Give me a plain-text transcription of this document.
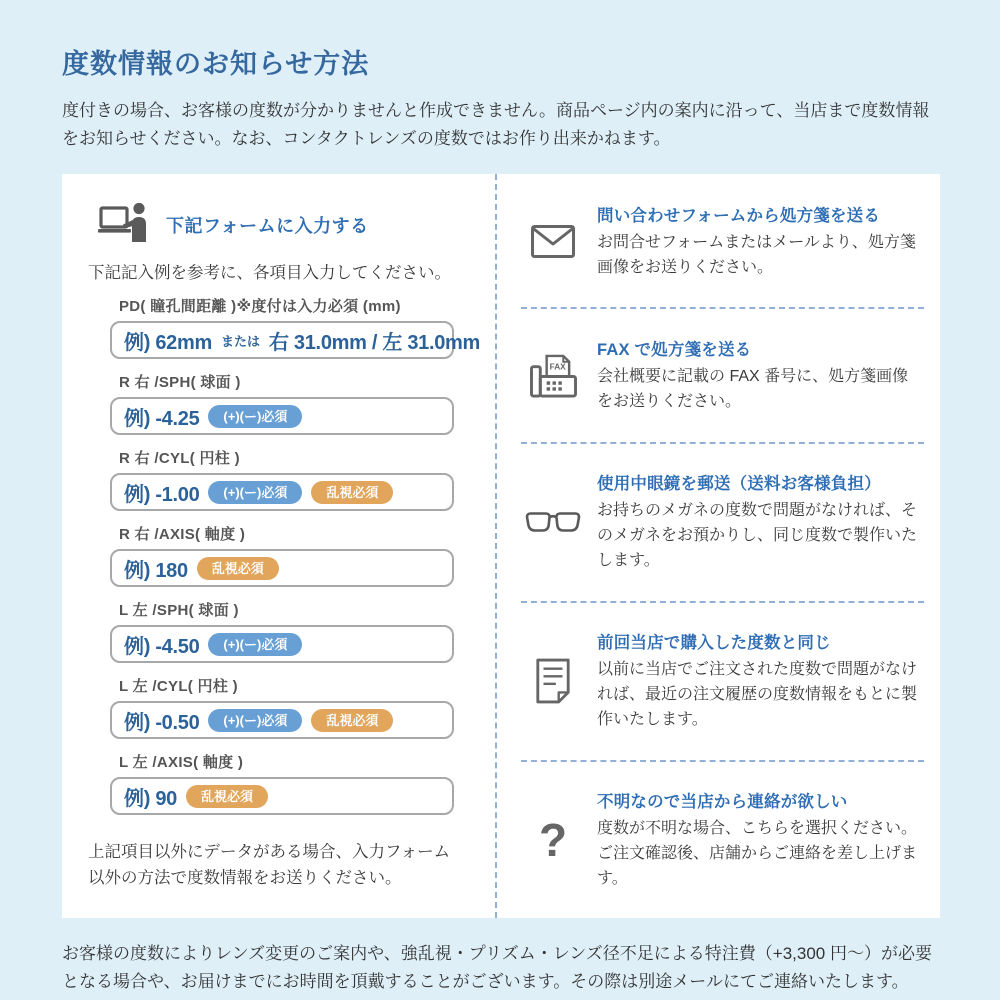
度数情報のお知らせ方法
度付きの場合、お客様の度数が分かりませんと作成できません。商品ページ内の案内に沿って、当店まで度数情報をお知らせください。なお、コンタクトレンズの度数ではお作り出来かねます。
下記フォームに入力する
下記記入例を参考に、各項目入力してください。
PD( 瞳孔間距離 )※度付は入力必須 (mm)
例) 62mm または 右 31.0mm / 左 31.0mm
R 右 /SPH( 球面 )
例) -4.25	(+)(ー)必須
R 右 /CYL( 円柱 )
例) -1.00	(+)(ー)必須	乱視必須
R 右 /AXIS( 軸度 )
例) 180	乱視必須
L 左 /SPH( 球面 )
例) -4.50	(+)(ー)必須
L 左 /CYL( 円柱 )
例) -0.50	(+)(ー)必須	乱視必須
L 左 /AXIS( 軸度 )
例) 90	乱視必須
上記項目以外にデータがある場合、入力フォーム以外の方法で度数情報をお送りください。
問い合わせフォームから処方箋を送る
お問合せフォームまたはメールより、処方箋画像をお送りください。
FAX
FAX で処方箋を送る
会社概要に記載の FAX 番号に、処方箋画像をお送りください。
使用中眼鏡を郵送（送料お客様負担）
お持ちのメガネの度数で問題がなければ、そのメガネをお預かりし、同じ度数で製作いたします。
前回当店で購入した度数と同じ
以前に当店でご注文された度数で問題がなければ、最近の注文履歴の度数情報をもとに製作いたします。
?
不明なので当店から連絡が欲しい
度数が不明な場合、こちらを選択ください。ご注文確認後、店舗からご連絡を差し上げます。
お客様の度数によりレンズ変更のご案内や、強乱視・プリズム・レンズ径不足による特注費（+3,300 円～）が必要となる場合や、お届けまでにお時間を頂戴することがございます。その際は別途メールにてご連絡いたします。
